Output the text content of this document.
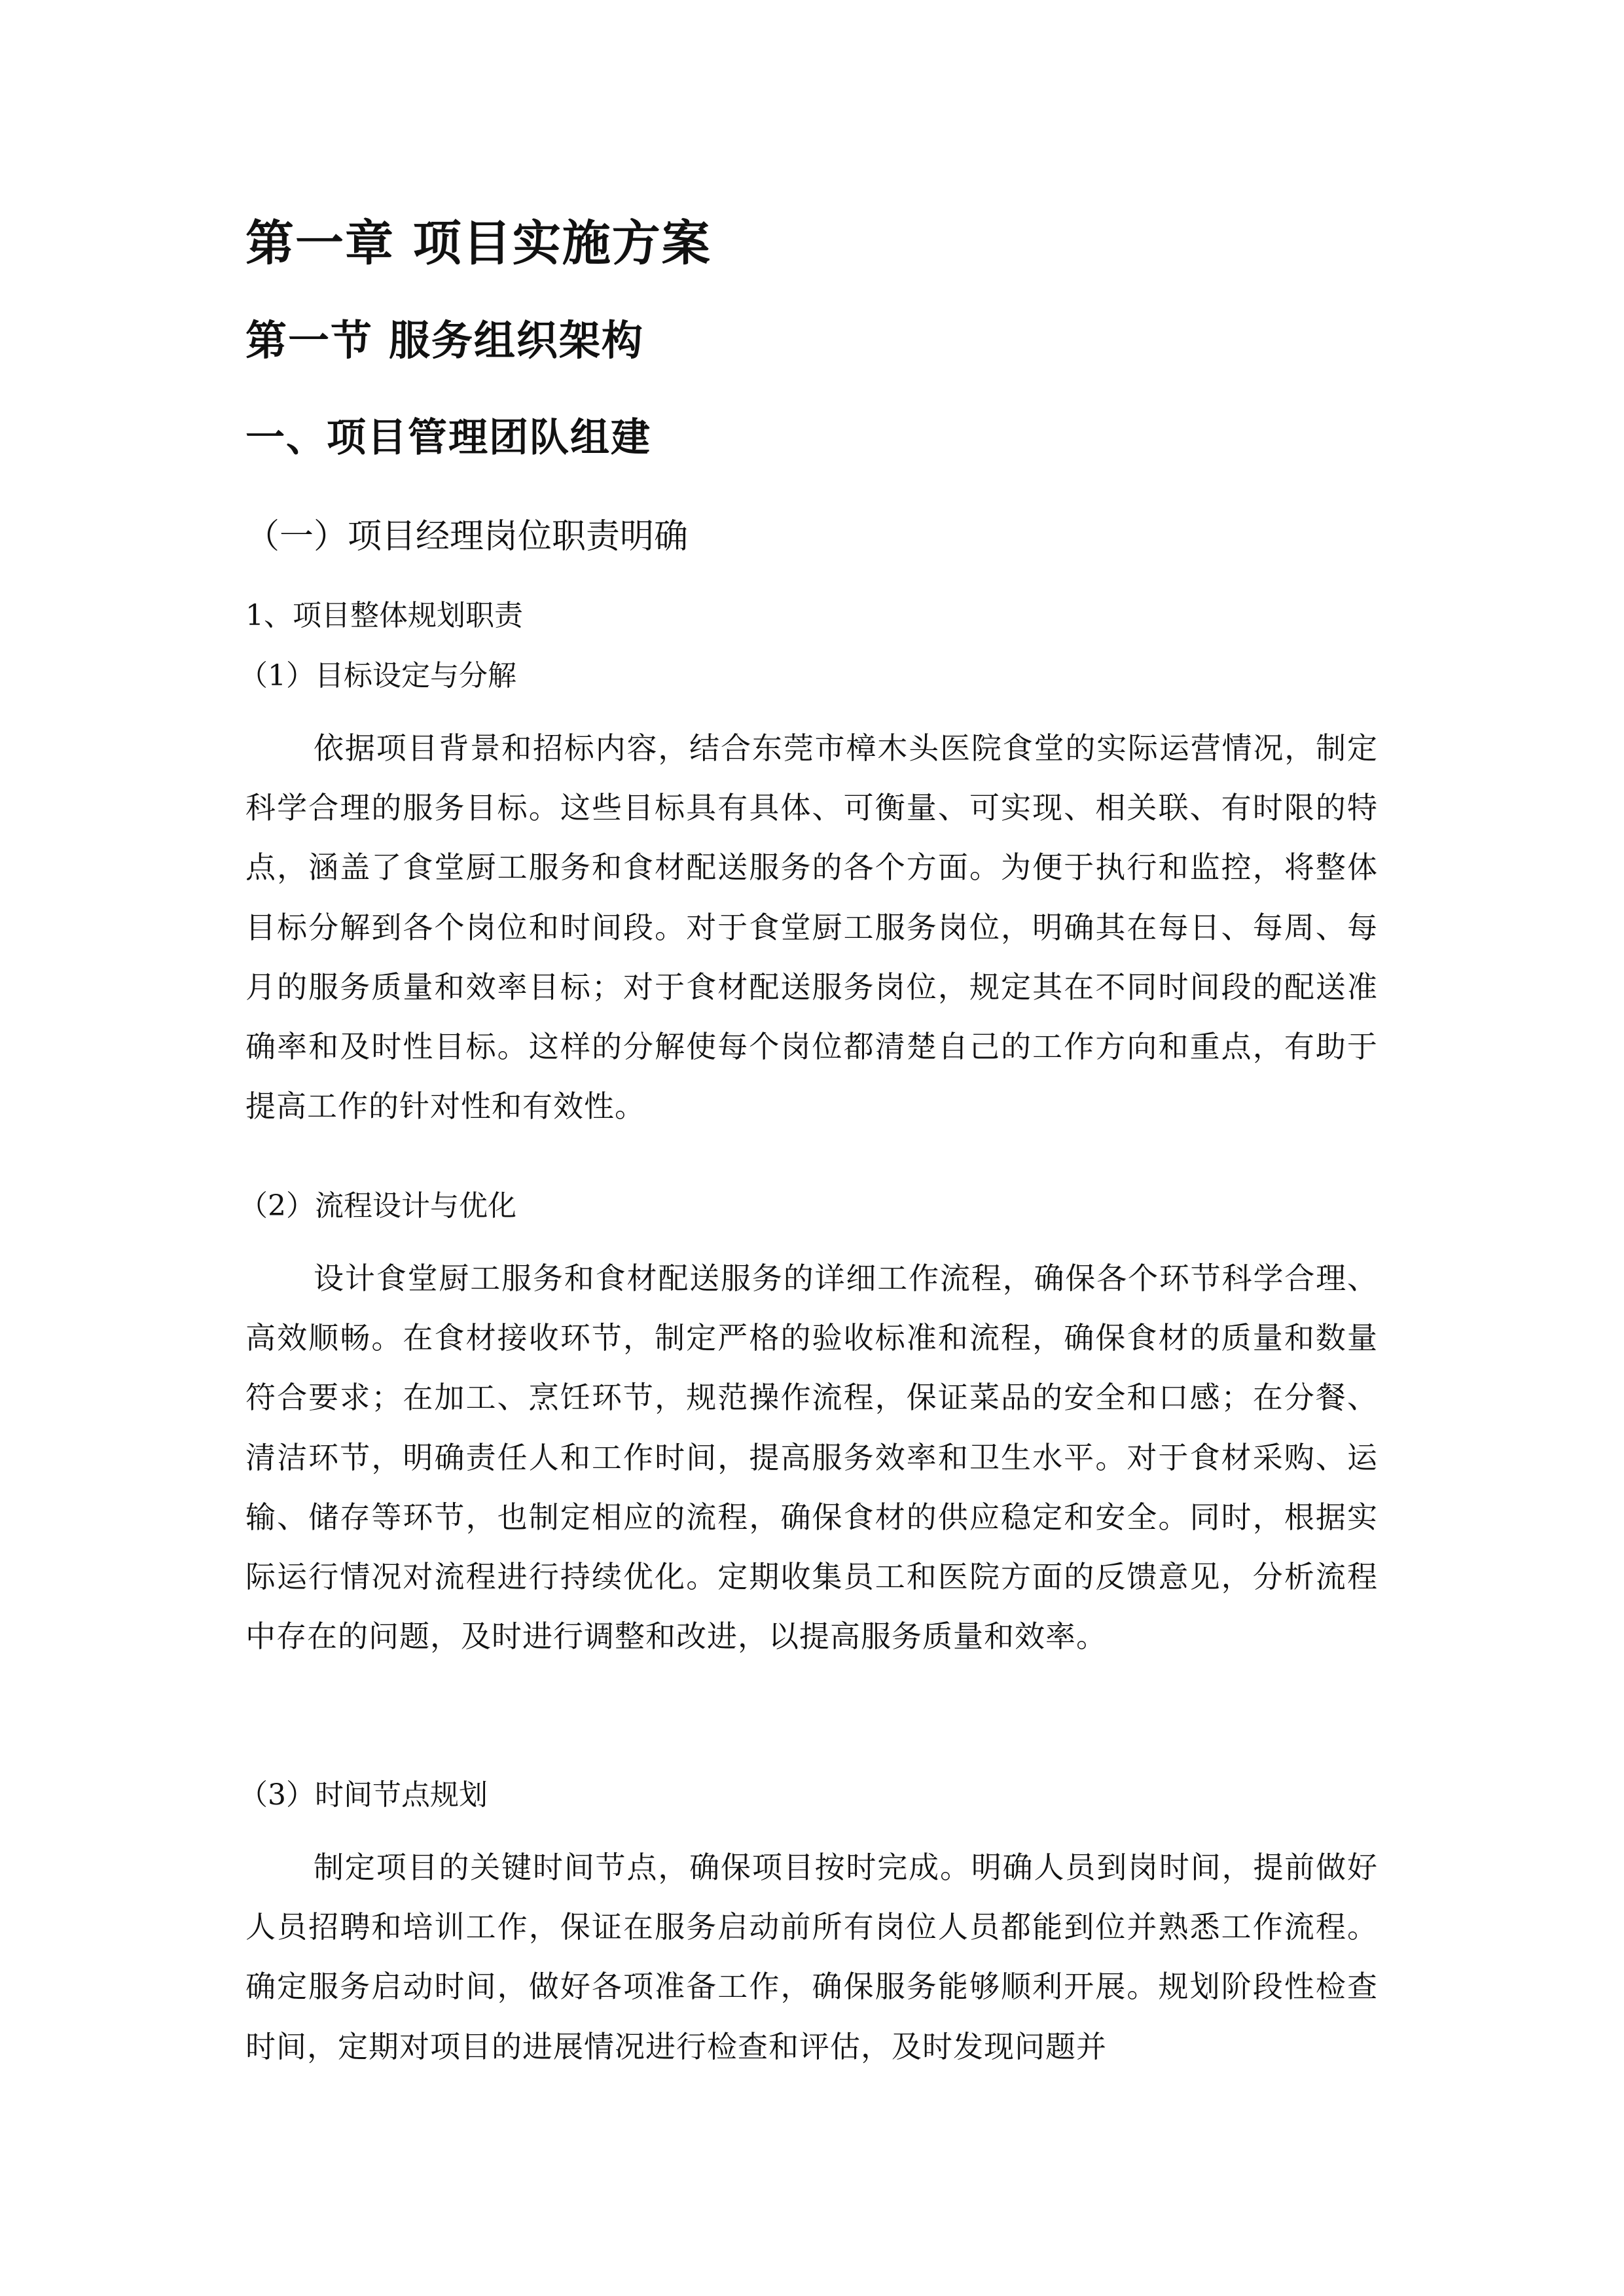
第一章 项目实施方案
第一节 服务组织架构
一、项目管理团队组建
（一）项目经理岗位职责明确
1、项目整体规划职责
（1）目标设定与分解

依据项目背景和招标内容，结合东莞市樟木头医院食堂的实际运营情况，制定科学合理的服务目标。这些目标具有具体、可衡量、可实现、相关联、有时限的特点，涵盖了食堂厨工服务和食材配送服务的各个方面。为便于执行和监控，将整体目标分解到各个岗位和时间段。对于食堂厨工服务岗位，明确其在每日、每周、每月的服务质量和效率目标；对于食材配送服务岗位，规定其在不同时间段的配送准确率和及时性目标。这样的分解使每个岗位都清楚自己的工作方向和重点，有助于提高工作的针对性和有效性。

（2）流程设计与优化

设计食堂厨工服务和食材配送服务的详细工作流程，确保各个环节科学合理、高效顺畅。在食材接收环节，制定严格的验收标准和流程，确保食材的质量和数量符合要求；在加工、烹饪环节，规范操作流程，保证菜品的安全和口感；在分餐、清洁环节，明确责任人和工作时间，提高服务效率和卫生水平。对于食材采购、运输、储存等环节，也制定相应的流程，确保食材的供应稳定和安全。同时，根据实际运行情况对流程进行持续优化。定期收集员工和医院方面的反馈意见，分析流程中存在的问题，及时进行调整和改进，以提高服务质量和效率。

（3）时间节点规划

制定项目的关键时间节点，确保项目按时完成。明确人员到岗时间，提前做好人员招聘和培训工作，保证在服务启动前所有岗位人员都能到位并熟悉工作流程。确定服务启动时间，做好各项准备工作，确保服务能够顺利开展。规划阶段性检查时间，定期对项目的进展情况进行检查和评估，及时发现问题并
